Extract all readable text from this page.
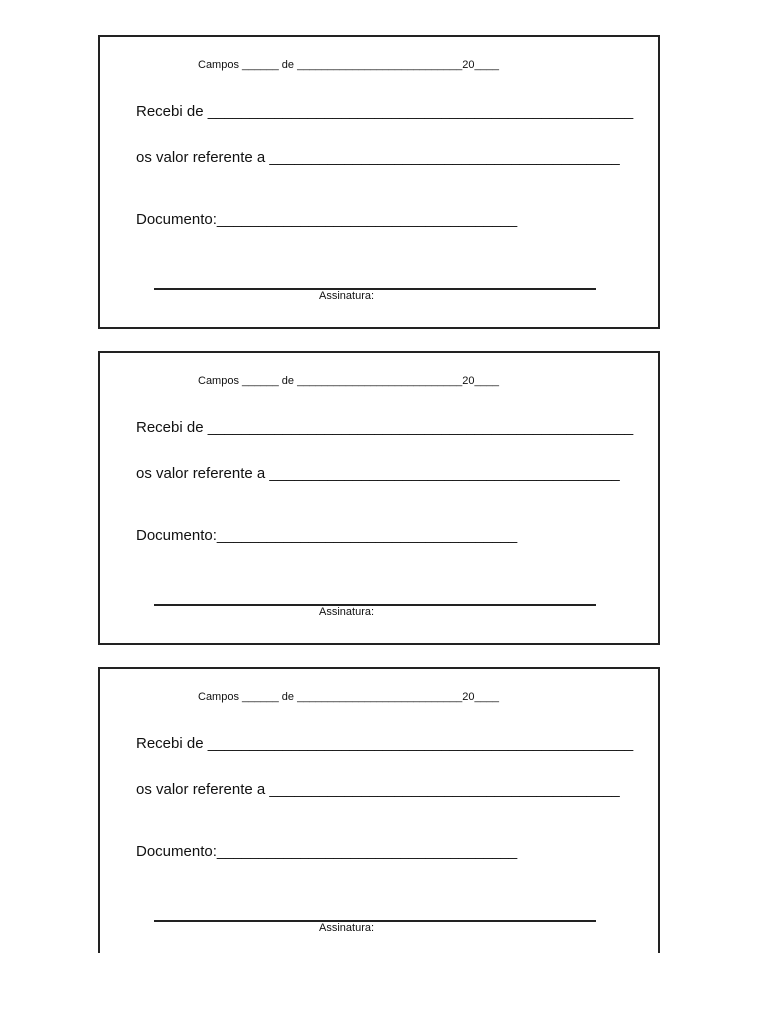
Campos ______ de ___________________________20____
Recebi de ___________________________________________________
os valor referente a __________________________________________
Documento:____________________________________
Assinatura:
Campos ______ de ___________________________20____
Recebi de ___________________________________________________
os valor referente a __________________________________________
Documento:____________________________________
Assinatura:
Campos ______ de ___________________________20____
Recebi de ___________________________________________________
os valor referente a __________________________________________
Documento:____________________________________
Assinatura:
